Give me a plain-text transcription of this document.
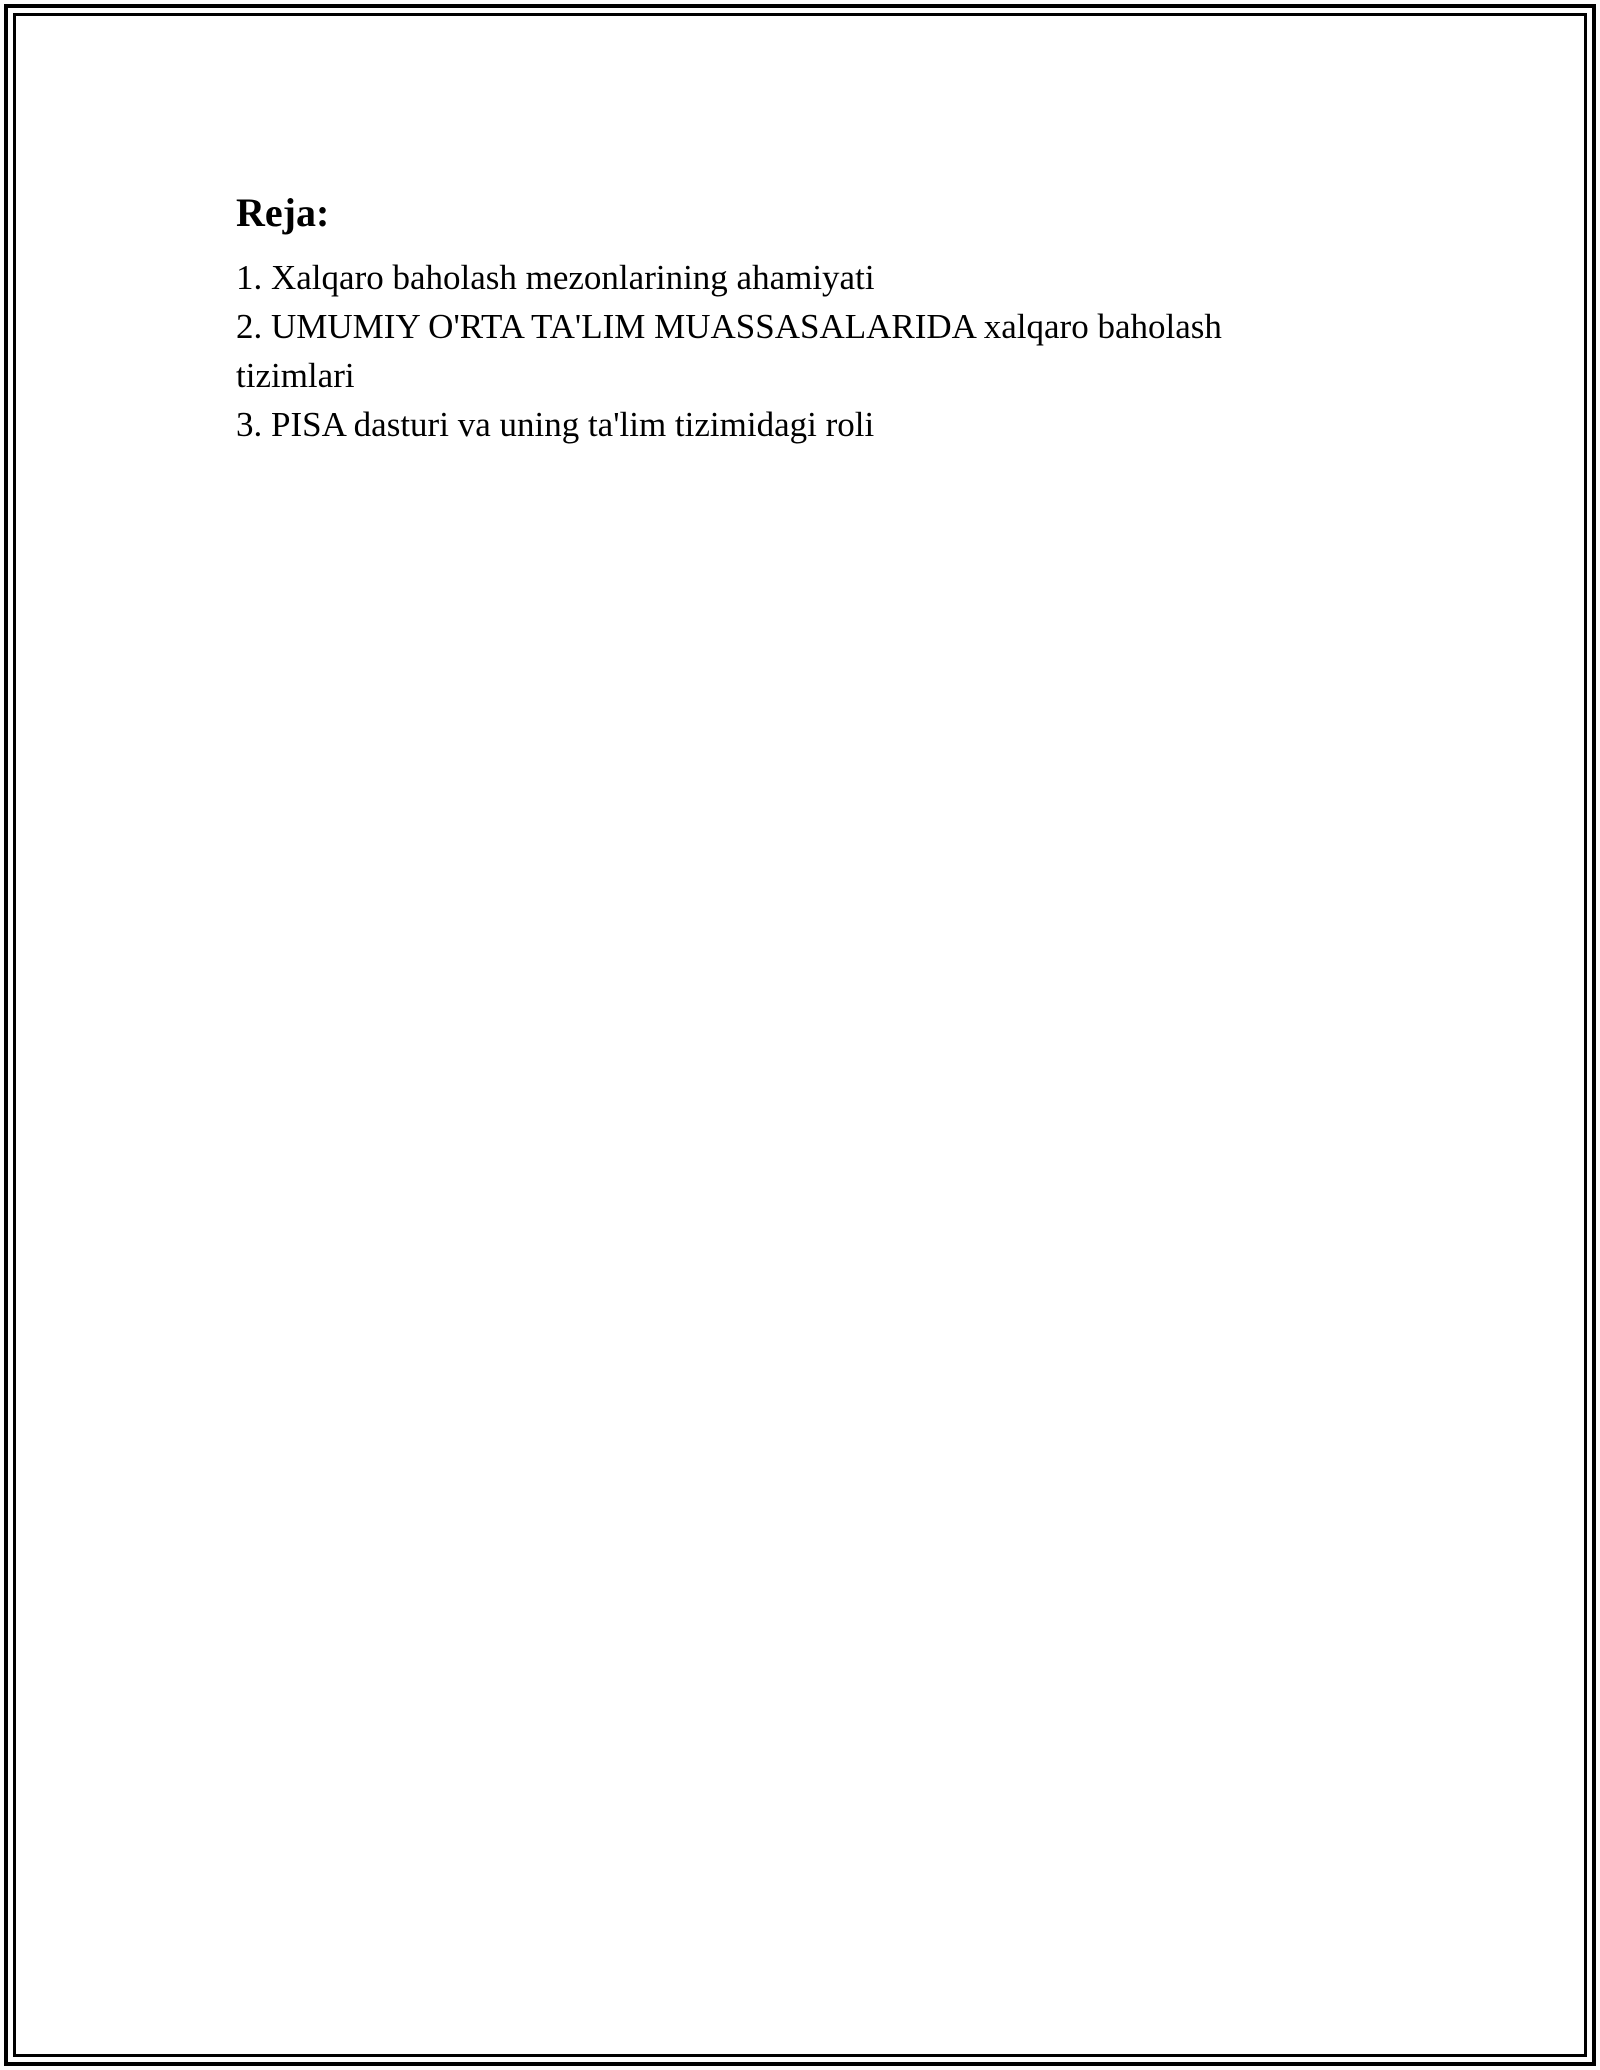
Reja:
1. Xalqaro baholash mezonlarining ahamiyati
2. UMUMIY O'RTA TA'LIM MUASSASALARIDA xalqaro baholash tizimlari
3. PISA dasturi va uning ta'lim tizimidagi roli
